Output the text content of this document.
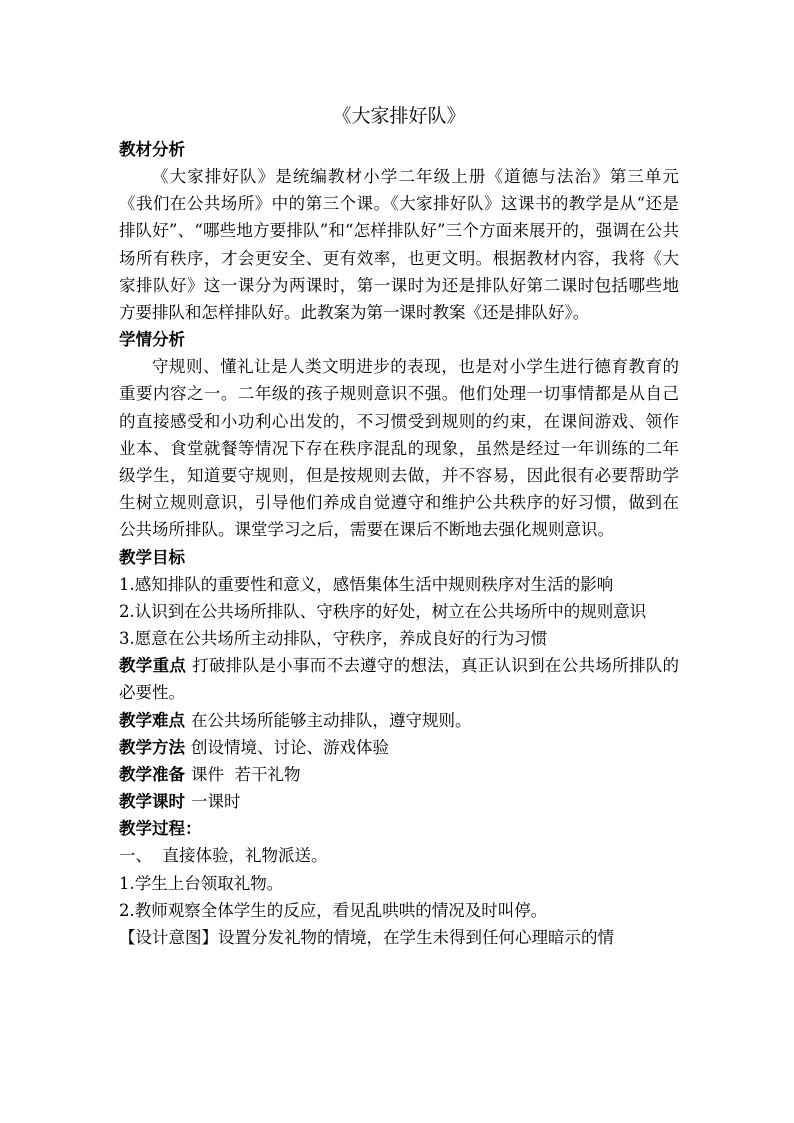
《大家排好队》
教材分析

《大家排好队》是统编教材小学二年级上册《道德与法治》第三单元《我们在公共场所》中的第三个课。《大家排好队》这课书的教学是从“还是排队好”、“哪些地方要排队”和“怎样排队好”三个方面来展开的，强调在公共场所有秩序，才会更安全、更有效率，也更文明。根据教材内容，我将《大家排队好》这一课分为两课时，第一课时为还是排队好第二课时包括哪些地方要排队和怎样排队好。此教案为第一课时教案《还是排队好》。

学情分析

守规则、懂礼让是人类文明进步的表现，也是对小学生进行德育教育的重要内容之一。二年级的孩子规则意识不强。他们处理一切事情都是从自己的直接感受和小功利心出发的，不习惯受到规则的约束，在课间游戏、领作业本、食堂就餐等情况下存在秩序混乱的现象，虽然是经过一年训练的二年级学生，知道要守规则，但是按规则去做，并不容易，因此很有必要帮助学生树立规则意识，引导他们养成自觉遵守和维护公共秩序的好习惯，做到在公共场所排队。课堂学习之后，需要在课后不断地去强化规则意识。

教学目标

1.感知排队的重要性和意义，感悟集体生活中规则秩序对生活的影响

2.认识到在公共场所排队、守秩序的好处，树立在公共场所中的规则意识

3.愿意在公共场所主动排队，守秩序，养成良好的行为习惯

教学重点 打破排队是小事而不去遵守的想法，真正认识到在公共场所排队的必要性。

教学难点 在公共场所能够主动排队，遵守规则。

教学方法 创设情境、讨论、游戏体验

教学准备 课件  若干礼物

教学课时 一课时

教学过程：

一、  直接体验，礼物派送。

1.学生上台领取礼物。

2.教师观察全体学生的反应，看见乱哄哄的情况及时叫停。

【设计意图】设置分发礼物的情境，在学生未得到任何心理暗示的情
